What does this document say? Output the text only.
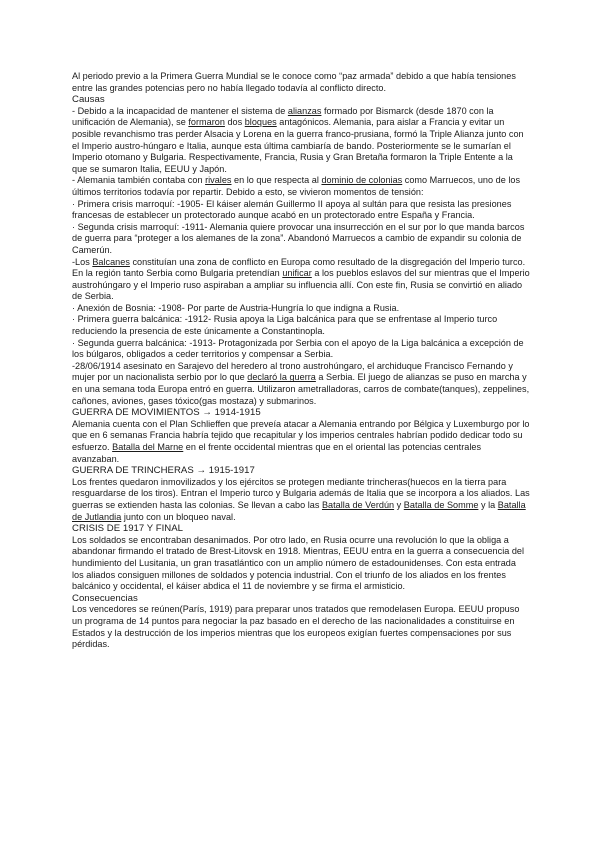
Al periodo previo a la Primera Guerra Mundial se le conoce como “paz armada” debido a que había tensiones entre las grandes potencias pero no había llegado todavía al conflicto directo.

Causas

- Debido a la incapacidad de mantener el sistema de alianzas formado por Bismarck (desde 1870 con la unificación de Alemania), se formaron dos bloques antagónicos. Alemania, para aislar a Francia y evitar un posible revanchismo tras perder Alsacia y Lorena en la guerra franco-prusiana, formó la Triple Alianza junto con el Imperio austro-húngaro e Italia, aunque esta última cambiaría de bando. Posteriormente se le sumarían el Imperio otomano y Bulgaria. Respectivamente, Francia, Rusia y Gran Bretaña formaron la Triple Entente a la que se sumaron Italia, EEUU y Japón.

- Alemania también contaba con rivales en lo que respecta al dominio de colonias como Marruecos, uno de los últimos territorios todavía por repartir. Debido a esto, se vivieron momentos de tensión:

· Primera crisis marroquí: -1905- El káiser alemán Guillermo II apoya al sultán para que resista las presiones francesas de establecer un protectorado aunque acabó en un protectorado entre España y Francia.

· Segunda crisis marroquí: -1911- Alemania quiere provocar una insurrección en el sur por lo que manda barcos de guerra para “proteger a los alemanes de la zona”. Abandonó Marruecos a cambio de expandir su colonia de Camerún.

-Los Balcanes constituían una zona de conflicto en Europa como resultado de la disgregación del Imperio turco. En la región tanto Serbia como Bulgaria pretendían unificar a los pueblos eslavos del sur mientras que el Imperio austrohúngaro y el Imperio ruso aspiraban a ampliar su influencia allí. Con este fin, Rusia se convirtió en aliado de Serbia.

· Anexión de Bosnia: -1908- Por parte de Austria-Hungría lo que indigna a Rusia.

· Primera guerra balcánica: -1912- Rusia apoya la Liga balcánica para que se enfrentase al Imperio turco reduciendo la presencia de este únicamente a Constantinopla.

· Segunda guerra balcánica: -1913- Protagonizada por Serbia con el apoyo de la Liga balcánica a excepción de los búlgaros, obligados a ceder territorios y compensar a Serbia.

-28/06/1914 asesinato en Sarajevo del heredero al trono austrohúngaro, el archiduque Francisco Fernando y mujer por un nacionalista serbio por lo que declaró la guerra a Serbia. El juego de alianzas se puso en marcha y en una semana toda Europa entró en guerra. Utilizaron ametralladoras, carros de combate(tanques), zeppelines, cañones, aviones, gases tóxico(gas mostaza) y submarinos.

GUERRA DE MOVIMIENTOS → 1914-1915

Alemania cuenta con el Plan Schlieffen que preveía atacar a Alemania entrando por Bélgica y Luxemburgo por lo que en 6 semanas Francia habría tejido que recapitular y los imperios centrales habrían podido dedicar todo su esfuerzo. Batalla del Marne en el frente occidental mientras que en el oriental las potencias centrales avanzaban.

GUERRA DE TRINCHERAS → 1915-1917

Los frentes quedaron inmovilizados y los ejércitos se protegen mediante trincheras(huecos en la tierra para resguardarse de los tiros). Entran el Imperio turco y Bulgaria además de Italia que se incorpora a los aliados. Las guerras se extienden hasta las colonias. Se llevan a cabo las Batalla de Verdún y Batalla de Somme y la Batalla de Jutlandia junto con un bloqueo naval.

CRISIS DE 1917 Y FINAL

Los soldados se encontraban desanimados. Por otro lado, en Rusia ocurre una revolución lo que la obliga a abandonar firmando el tratado de Brest-Litovsk en 1918. Mientras, EEUU entra en la guerra a consecuencia del hundimiento del Lusitania, un gran trasatlántico con un amplio número de estadounidenses. Con esta entrada los aliados consiguen millones de soldados y potencia industrial. Con el triunfo de los aliados en los frentes balcánico y occidental, el káiser abdica el 11 de noviembre y se firma el armisticio.

Consecuencias

Los vencedores se reúnen(París, 1919) para preparar unos tratados que remodelasen Europa. EEUU propuso un programa de 14 puntos para negociar la paz basado en el derecho de las nacionalidades a constituirse en Estados y la destrucción de los imperios mientras que los europeos exigían fuertes compensaciones por sus pérdidas.
